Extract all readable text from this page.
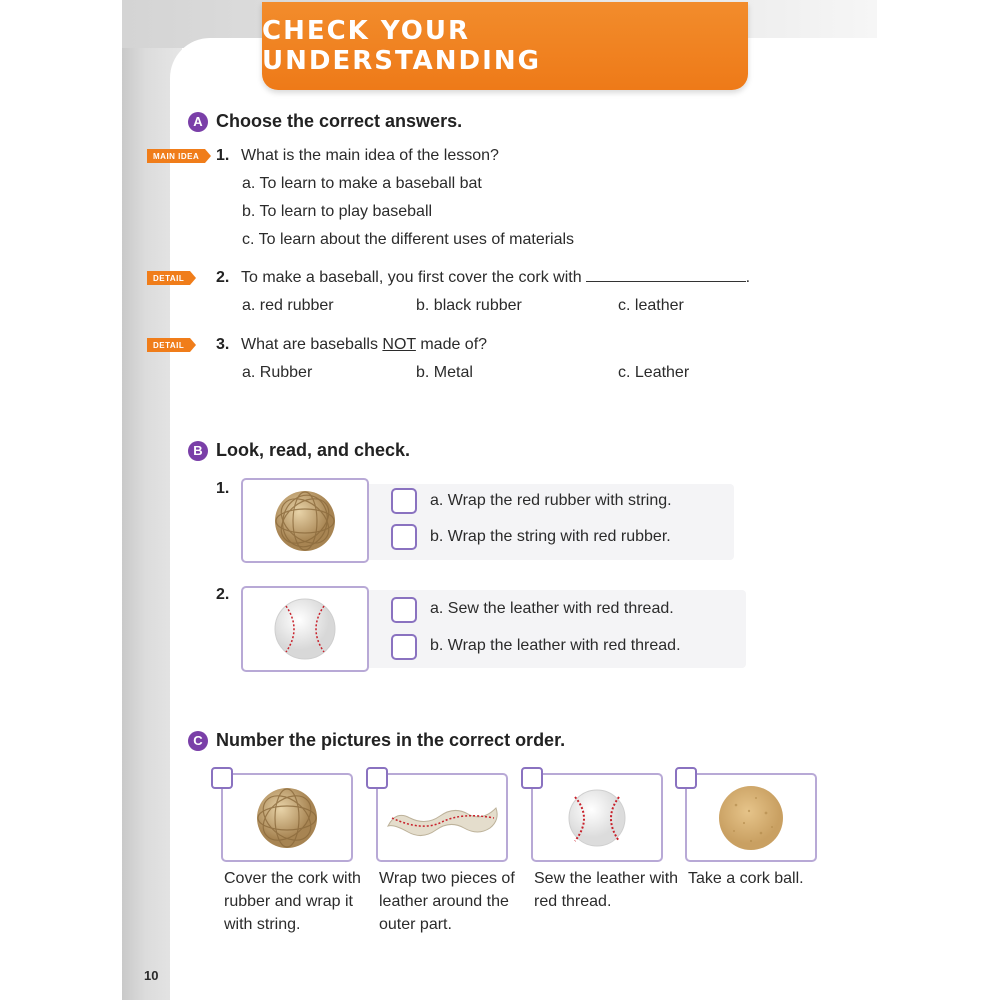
CHECK YOUR UNDERSTANDING
A Choose the correct answers.
MAIN IDEA	1. What is the main idea of the lesson?
a. To learn to make a baseball bat
b. To learn to play baseball
c. To learn about the different uses of materials
DETAIL	2. To make a baseball, you first cover the cork with	.
a. red rubber	b. black rubber	c. leather
DETAIL	3. What are baseballs NOT made of?
a. Rubber	b. Metal	c. Leather
B Look, read, and check.
1.
a. Wrap the red rubber with string.
b. Wrap the string with red rubber.
2.
a. Sew the leather with red thread.
b. Wrap the leather with red thread.
C Number the pictures in the correct order.
Cover the cork with rubber and wrap it with string.
Wrap two pieces of leather around the outer part.
Sew the leather with red thread.
Take a cork ball.
10
